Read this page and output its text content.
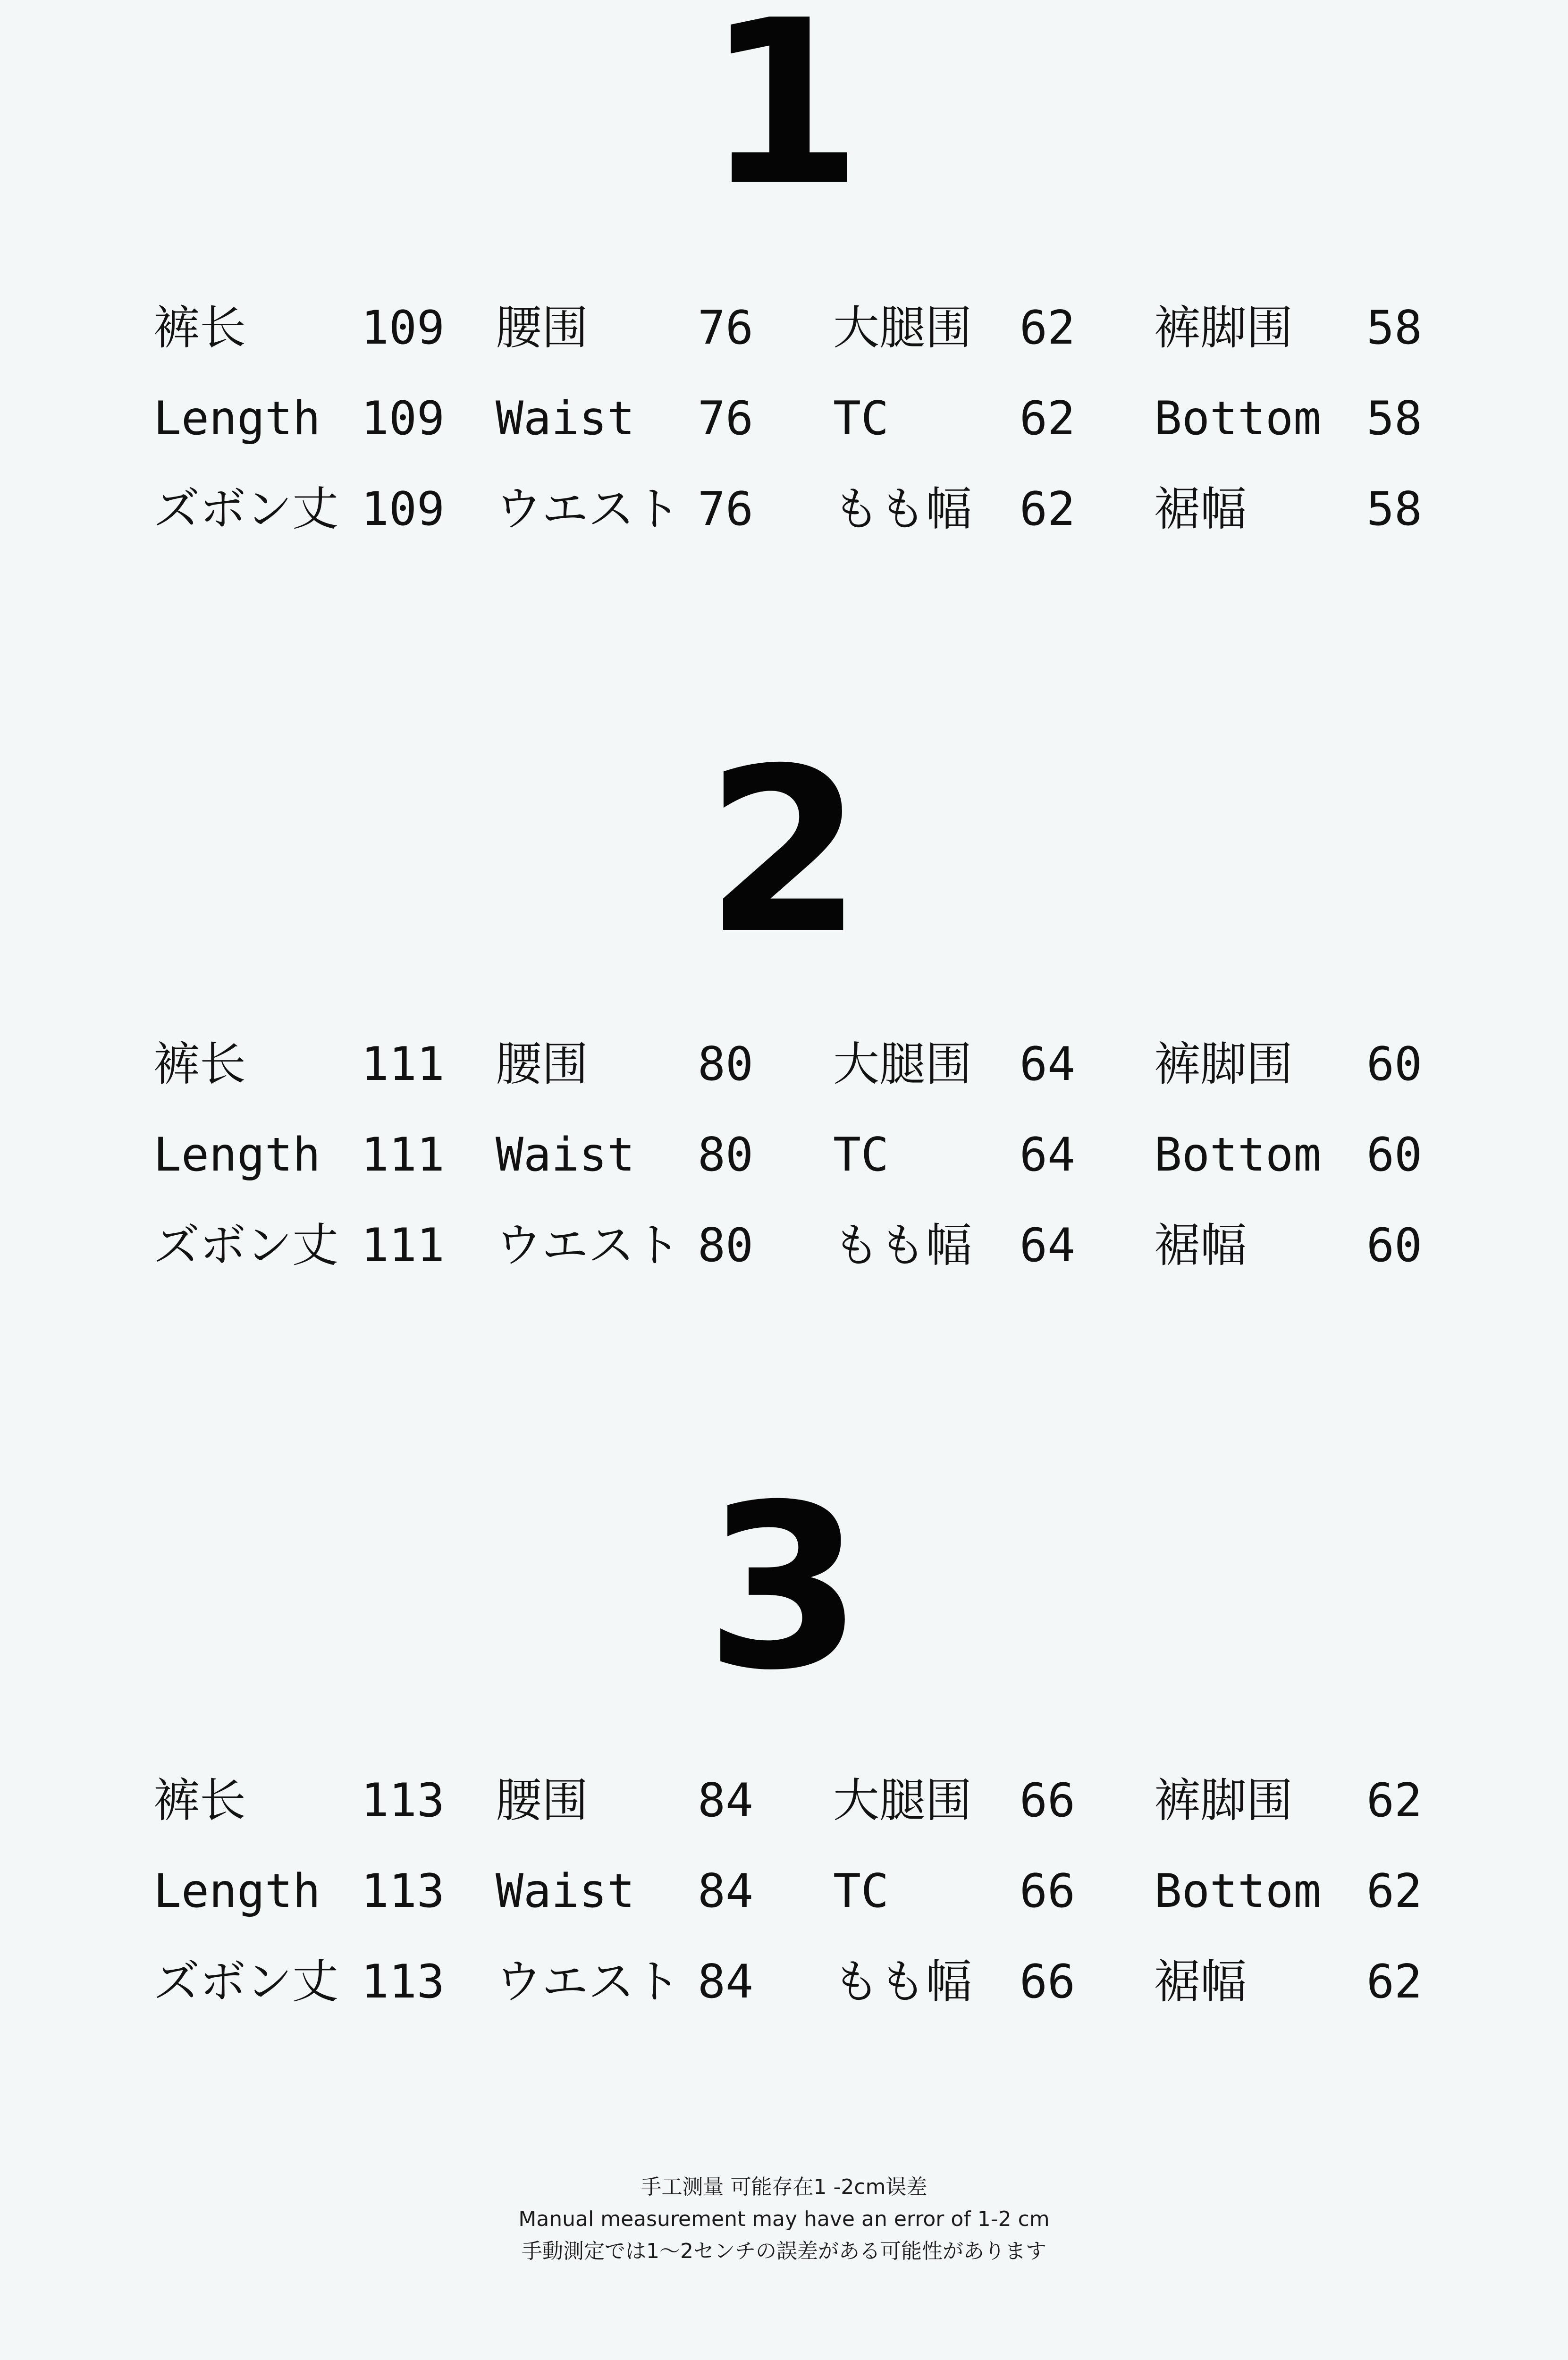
1
裤长 109 腰围 76 大腿围 62 裤脚围 58
Length 109 Waist 76 TC	62 Bottom 58
ズボン丈 109 ウエスト 76 もも幅 62 裾幅	58
2
裤长 111 腰围 80 大腿围 64 裤脚围 60
Length 111 Waist 80 TC	64 Bottom 60
ズボン丈 111 ウエスト 80 もも幅 64 裾幅	60
3
裤长 113 腰围 84 大腿围 66 裤脚围 62
Length 113 Waist 84 TC	66 Bottom 62
ズボン丈 113 ウエスト 84 もも幅 66 裾幅	62
手工测量 可能存在1 -2cm误差
Manual measurement may have an error of 1-2 cm
手動測定では1～2センチの誤差がある可能性があります
